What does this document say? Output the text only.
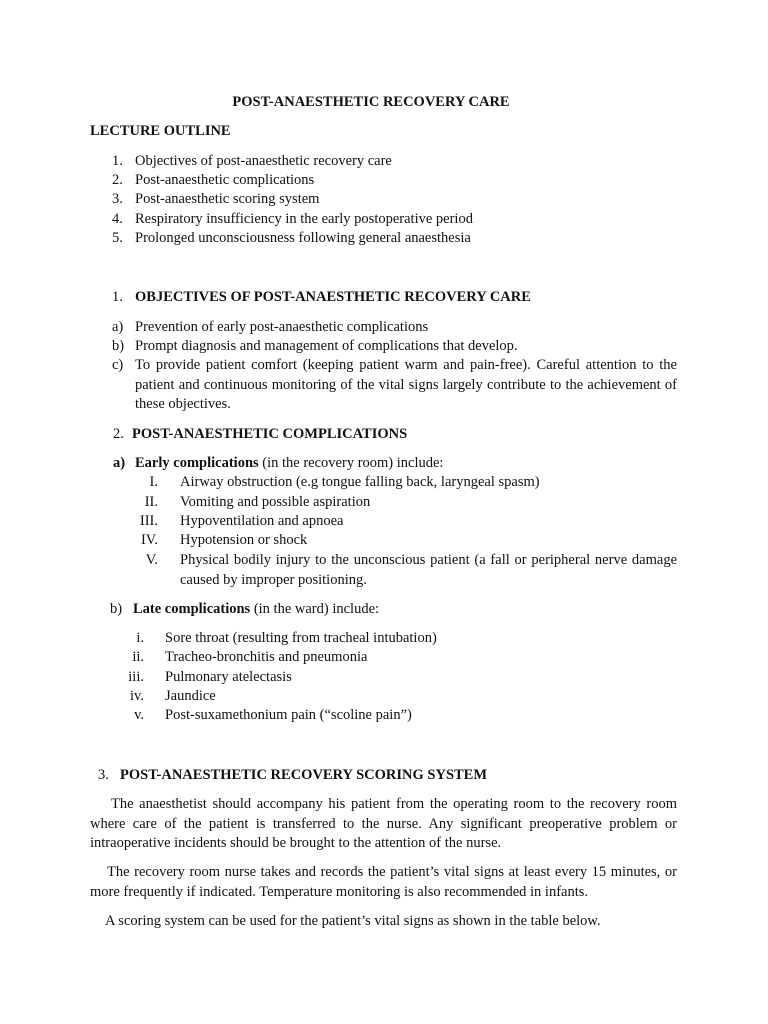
POST-ANAESTHETIC RECOVERY CARE
LECTURE OUTLINE
1. Objectives of post-anaesthetic recovery care
2. Post-anaesthetic complications
3. Post-anaesthetic scoring system
4. Respiratory insufficiency in the early postoperative period
5. Prolonged unconsciousness following general anaesthesia
1. OBJECTIVES OF POST-ANAESTHETIC RECOVERY CARE
a) Prevention of early post-anaesthetic complications
b) Prompt diagnosis and management of complications that develop.
c) To provide patient comfort (keeping patient warm and pain-free). Careful attention to the patient and continuous monitoring of the vital signs largely contribute to the achievement of these objectives.
2. POST-ANAESTHETIC COMPLICATIONS
a) Early complications (in the recovery room) include:
I. Airway obstruction (e.g tongue falling back, laryngeal spasm)
II. Vomiting and possible aspiration
III. Hypoventilation and apnoea
IV. Hypotension or shock
V. Physical bodily injury to the unconscious patient (a fall or peripheral nerve damage caused by improper positioning.
b) Late complications (in the ward) include:
i. Sore throat (resulting from tracheal intubation)
ii. Tracheo-bronchitis and pneumonia
iii. Pulmonary atelectasis
iv. Jaundice
v. Post-suxamethonium pain (“scoline pain”)
3. POST-ANAESTHETIC RECOVERY SCORING SYSTEM
The anaesthetist should accompany his patient from the operating room to the recovery room where care of the patient is transferred to the nurse. Any significant preoperative problem or intraoperative incidents should be brought to the attention of the nurse.
The recovery room nurse takes and records the patient’s vital signs at least every 15 minutes, or more frequently if indicated. Temperature monitoring is also recommended in infants.
A scoring system can be used for the patient’s vital signs as shown in the table below.
